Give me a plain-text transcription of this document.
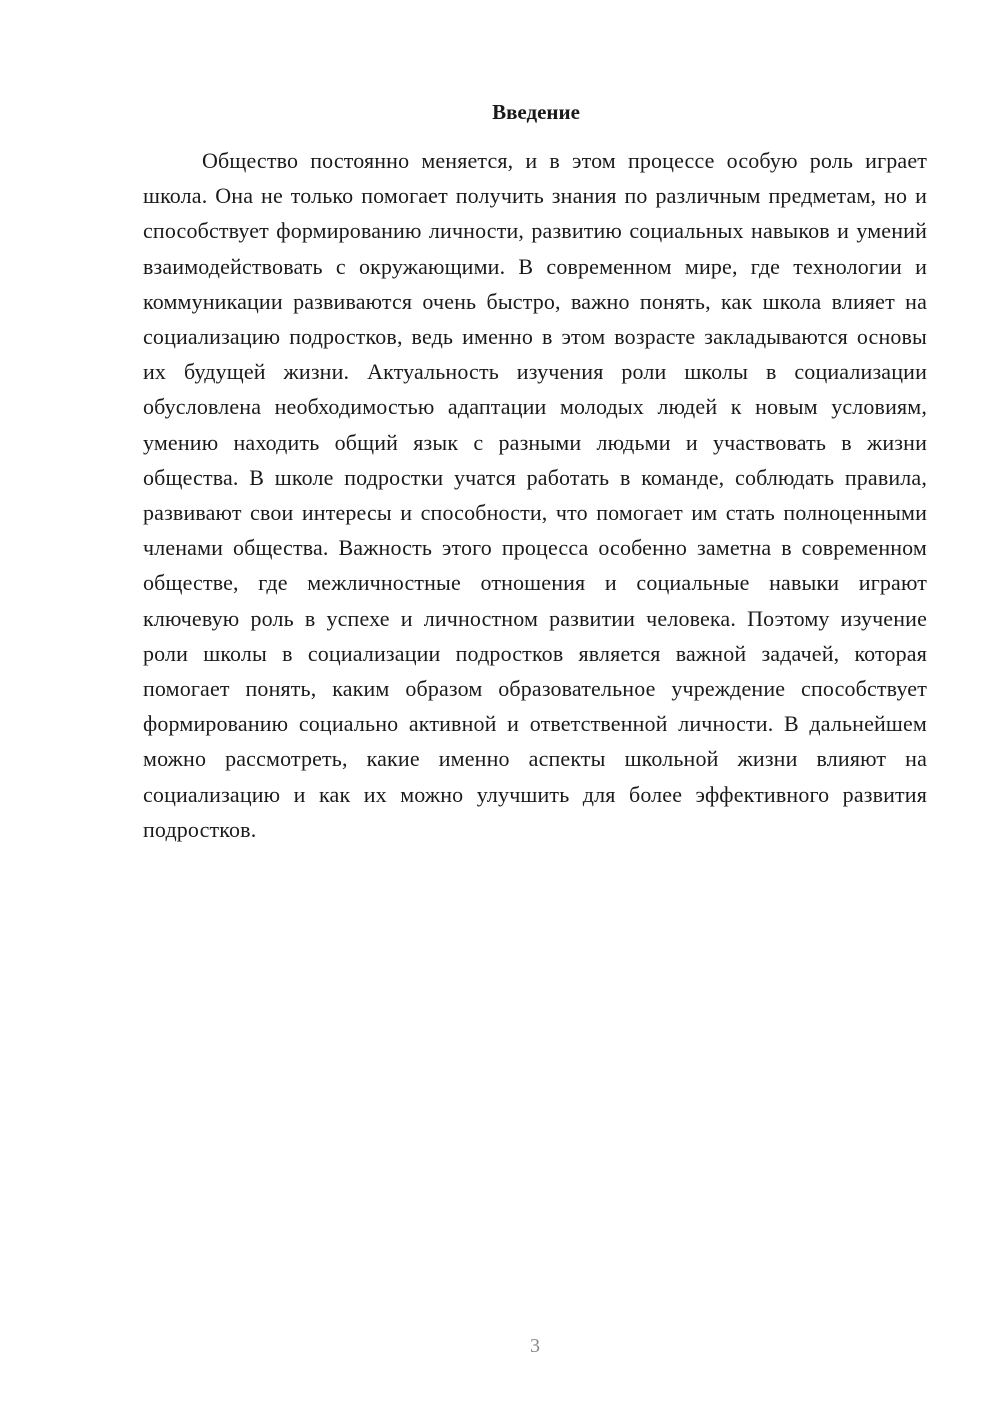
Введение

Общество постоянно меняется, и в этом процессе особую роль играет школа. Она не только помогает получить знания по различным предметам, но и способствует формированию личности, развитию социальных навыков и умений взаимодействовать с окружающими. В современном мире, где технологии и коммуникации развиваются очень быстро, важно понять, как школа влияет на социализацию подростков, ведь именно в этом возрасте закладываются основы их будущей жизни. Актуальность изучения роли школы в социализации обусловлена необходимостью адаптации молодых людей к новым условиям, умению находить общий язык с разными людьми и участвовать в жизни общества. В школе подростки учатся работать в команде, соблюдать правила, развивают свои интересы и способности, что помогает им стать полноценными членами общества. Важность этого процесса особенно заметна в современном обществе, где межличностные отношения и социальные навыки играют ключевую роль в успехе и личностном развитии человека. Поэтому изучение роли школы в социализации подростков является важной задачей, которая помогает понять, каким образом образовательное учреждение способствует формированию социально активной и ответственной личности. В дальнейшем можно рассмотреть, какие именно аспекты школьной жизни влияют на социализацию и как их можно улучшить для более эффективного развития подростков.

3
